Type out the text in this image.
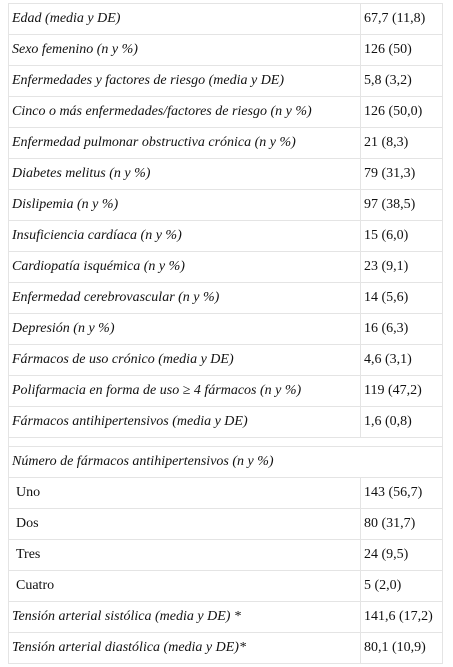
Edad (media y DE)	67,7 (11,8)
Sexo femenino (n y %)	126 (50)
Enfermedades y factores de riesgo (media y DE)	5,8 (3,2)
Cinco o más enfermedades/factores de riesgo (n y %)	126 (50,0)
Enfermedad pulmonar obstructiva crónica (n y %)	21 (8,3)
Diabetes melitus (n y %)	79 (31,3)
Dislipemia (n y %)	97 (38,5)
Insuficiencia cardíaca (n y %)	15 (6,0)
Cardiopatía isquémica (n y %)	23 (9,1)
Enfermedad cerebrovascular (n y %)	14 (5,6)
Depresión (n y %)	16 (6,3)
Fármacos de uso crónico (media y DE)	4,6 (3,1)
Polifarmacia en forma de uso ≥ 4 fármacos (n y %)	119 (47,2)
Fármacos antihipertensivos (media y DE)	1,6 (0,8)

Número de fármacos antihipertensivos (n y %)	
Uno	143 (56,7)
Dos	80 (31,7)
Tres	24 (9,5)
Cuatro	5 (2,0)
Tensión arterial sistólica (media y DE) *	141,6 (17,2)
Tensión arterial diastólica (media y DE)*	80,1 (10,9)
